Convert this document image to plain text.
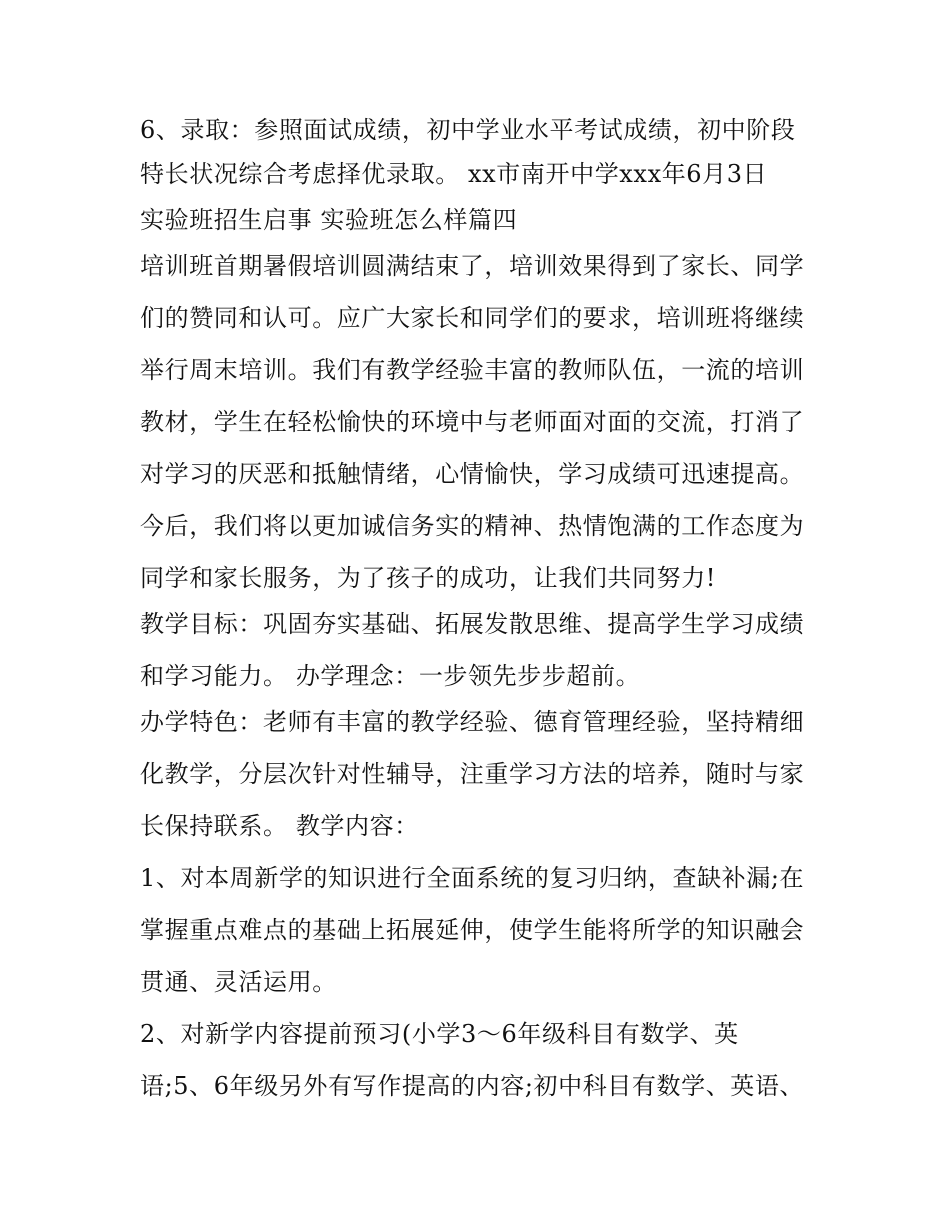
6、录取：参照面试成绩，初中学业水平考试成绩，初中阶段
特长状况综合考虑择优录取。 xx市南开中学xxx年6月3日
实验班招生启事 实验班怎么样篇四
培训班首期暑假培训圆满结束了，培训效果得到了家长、同学
们的赞同和认可。应广大家长和同学们的要求，培训班将继续
举行周末培训。我们有教学经验丰富的教师队伍，一流的培训
教材，学生在轻松愉快的环境中与老师面对面的交流，打消了
对学习的厌恶和抵触情绪，心情愉快，学习成绩可迅速提高。
今后，我们将以更加诚信务实的精神、热情饱满的工作态度为
同学和家长服务，为了孩子的成功，让我们共同努力!
教学目标：巩固夯实基础、拓展发散思维、提高学生学习成绩
和学习能力。 办学理念：一步领先步步超前。
办学特色：老师有丰富的教学经验、德育管理经验，坚持精细
化教学，分层次针对性辅导，注重学习方法的培养，随时与家
长保持联系。 教学内容：
1、对本周新学的知识进行全面系统的复习归纳，查缺补漏;在
掌握重点难点的基础上拓展延伸，使学生能将所学的知识融会
贯通、灵活运用。
2、对新学内容提前预习(小学3～6年级科目有数学、英
语;5、6年级另外有写作提高的内容;初中科目有数学、英语、
